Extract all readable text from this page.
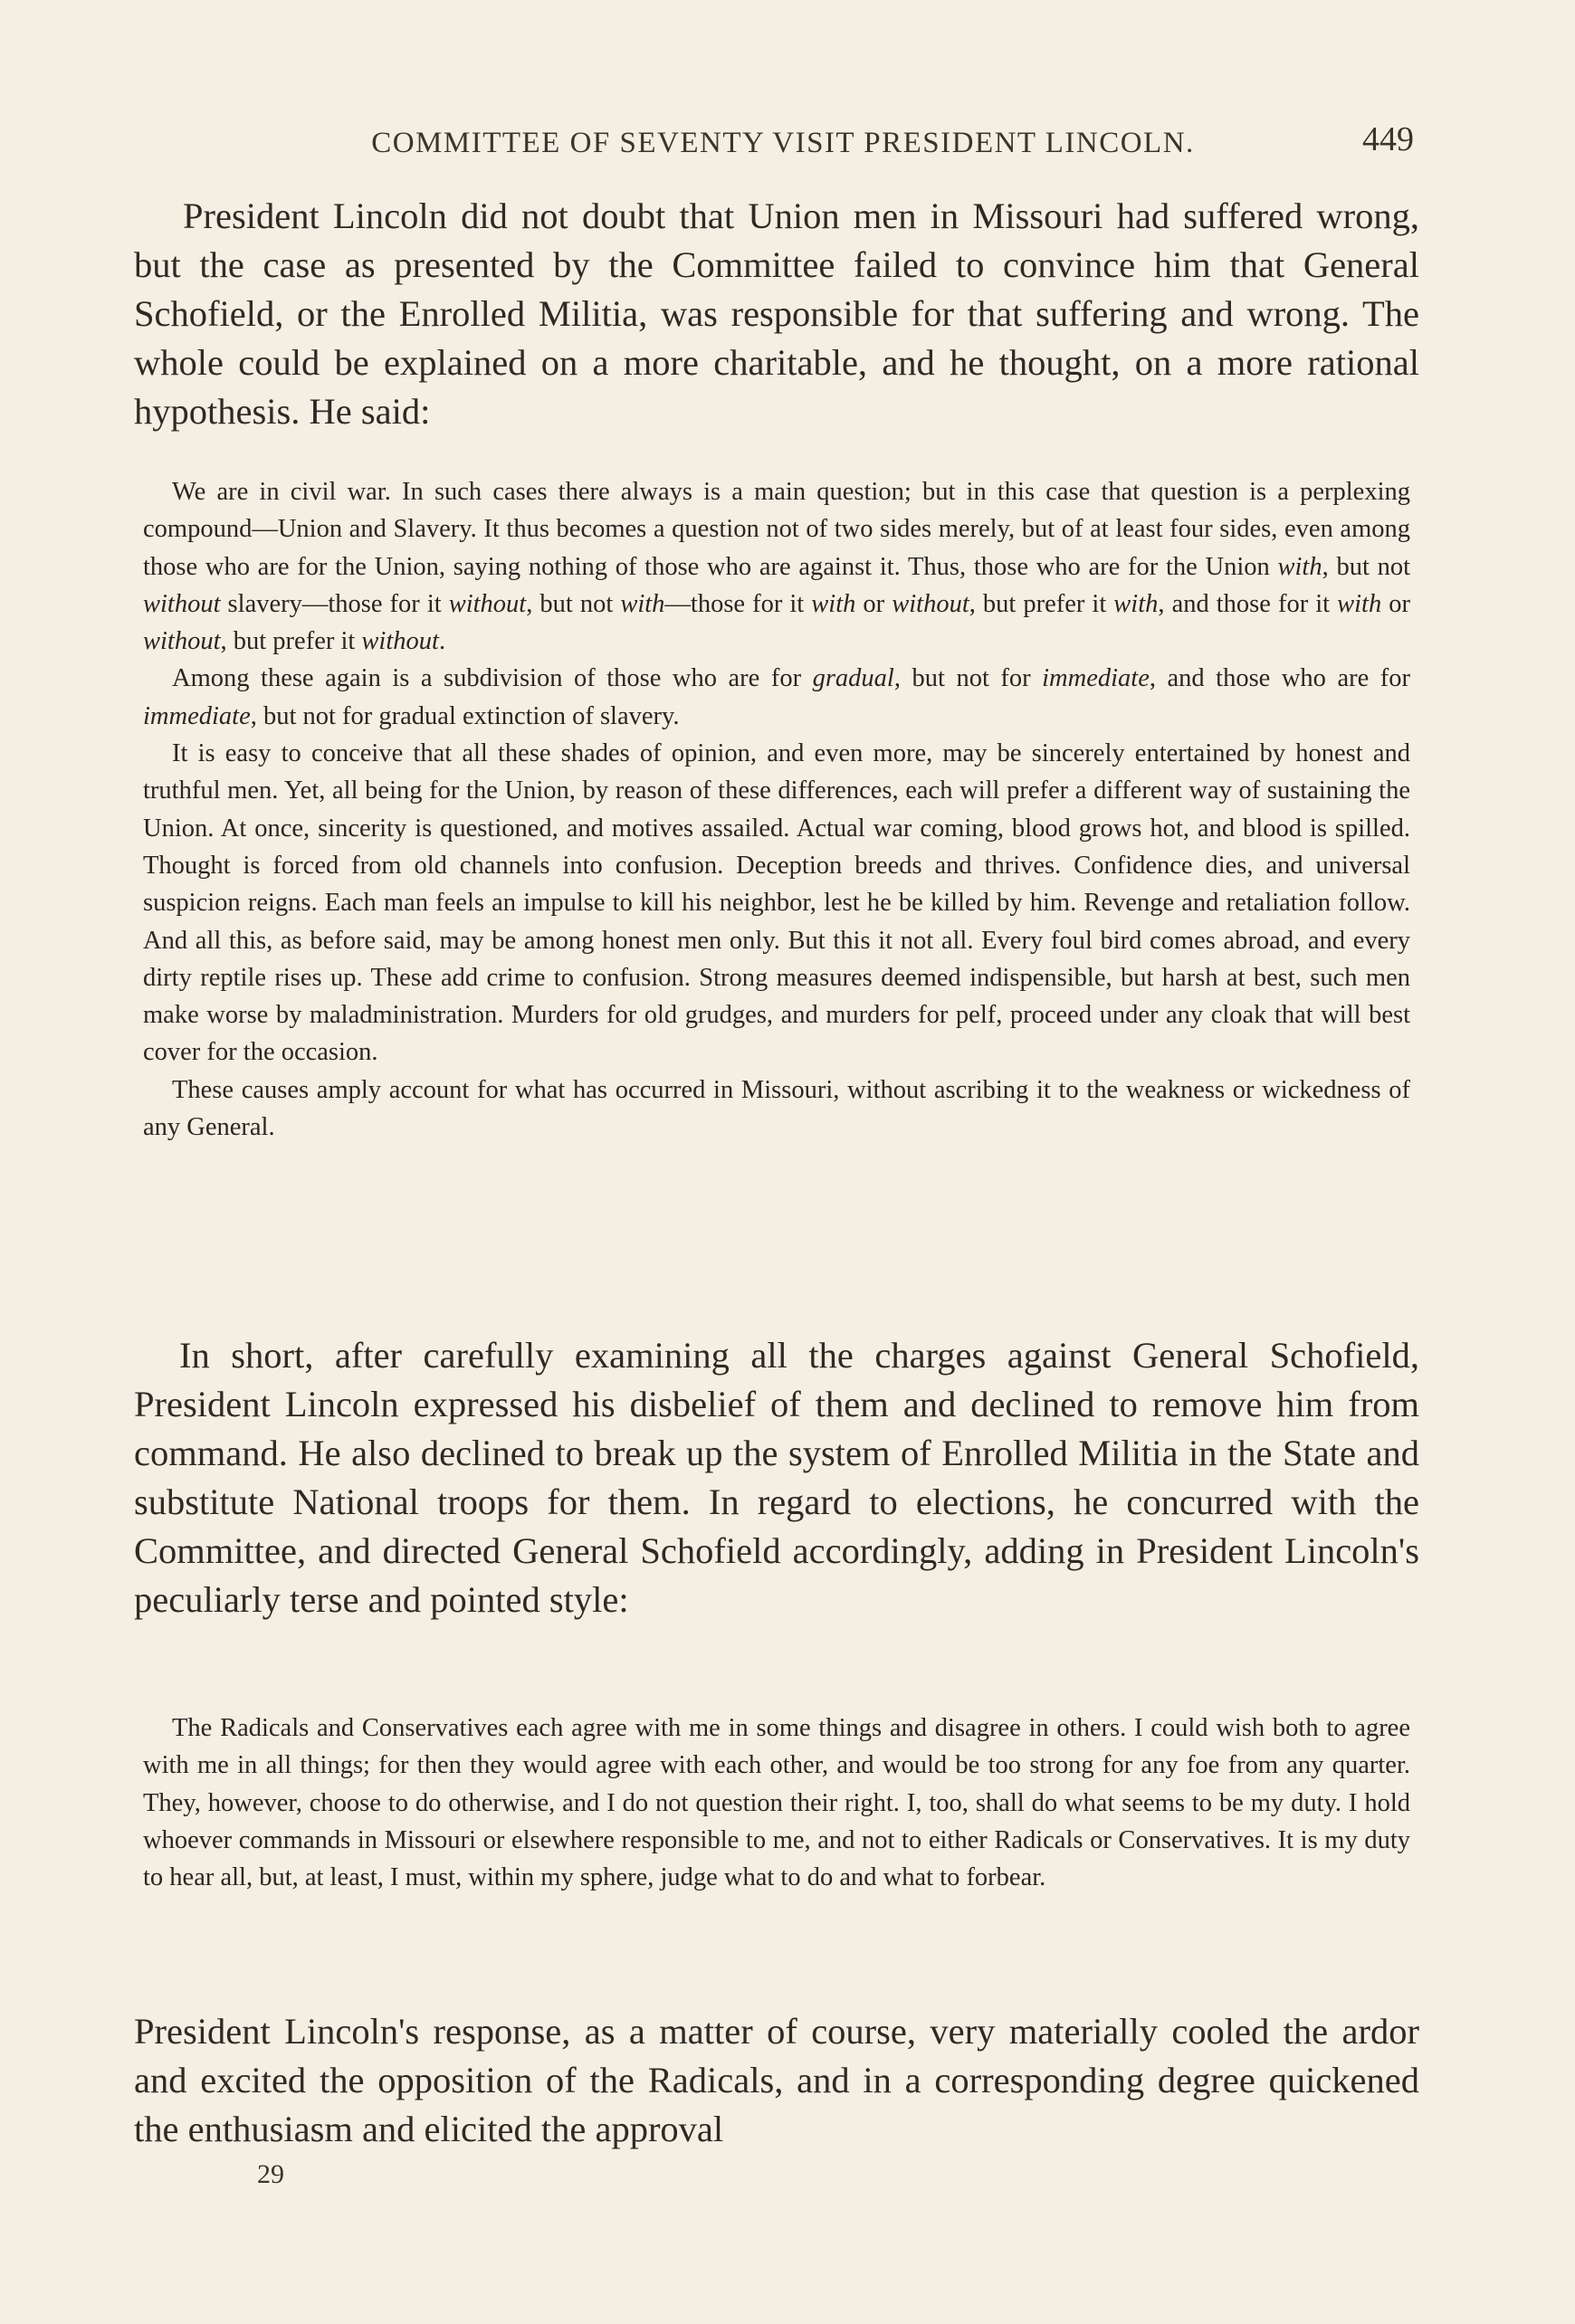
COMMITTEE OF SEVENTY VISIT PRESIDENT LINCOLN.	449

President Lincoln did not doubt that Union men in Missouri had suffered wrong, but the case as presented by the Committee failed to convince him that General Schofield, or the Enrolled Militia, was responsible for that suffering and wrong. The whole could be explained on a more charitable, and he thought, on a more rational hypothesis. He said:

We are in civil war. In such cases there always is a main question; but in this case that question is a perplexing compound—Union and Slavery. It thus becomes a question not of two sides merely, but of at least four sides, even among those who are for the Union, saying nothing of those who are against it. Thus, those who are for the Union with, but not without slavery—those for it without, but not with—those for it with or without, but prefer it with, and those for it with or without, but prefer it without.

Among these again is a subdivision of those who are for gradual, but not for immediate, and those who are for immediate, but not for gradual extinction of slavery.

It is easy to conceive that all these shades of opinion, and even more, may be sincerely entertained by honest and truthful men. Yet, all being for the Union, by reason of these differences, each will prefer a different way of sustaining the Union. At once, sincerity is questioned, and motives assailed. Actual war coming, blood grows hot, and blood is spilled. Thought is forced from old channels into confusion. Deception breeds and thrives. Confidence dies, and universal suspicion reigns. Each man feels an impulse to kill his neighbor, lest he be killed by him. Revenge and retaliation follow. And all this, as before said, may be among honest men only. But this it not all. Every foul bird comes abroad, and every dirty reptile rises up. These add crime to confusion. Strong measures deemed indispensible, but harsh at best, such men make worse by maladministration. Murders for old grudges, and murders for pelf, proceed under any cloak that will best cover for the occasion.

These causes amply account for what has occurred in Missouri, without ascribing it to the weakness or wickedness of any General.

In short, after carefully examining all the charges against General Schofield, President Lincoln expressed his disbelief of them and declined to remove him from command. He also declined to break up the system of Enrolled Militia in the State and substitute National troops for them. In regard to elections, he concurred with the Committee, and directed General Schofield accordingly, adding in President Lincoln's peculiarly terse and pointed style:

The Radicals and Conservatives each agree with me in some things and disagree in others. I could wish both to agree with me in all things; for then they would agree with each other, and would be too strong for any foe from any quarter. They, however, choose to do otherwise, and I do not question their right. I, too, shall do what seems to be my duty. I hold whoever commands in Missouri or elsewhere responsible to me, and not to either Radicals or Conservatives. It is my duty to hear all, but, at least, I must, within my sphere, judge what to do and what to forbear.

President Lincoln's response, as a matter of course, very materially cooled the ardor and excited the opposition of the Radicals, and in a corresponding degree quickened the enthusiasm and elicited the approval

29
